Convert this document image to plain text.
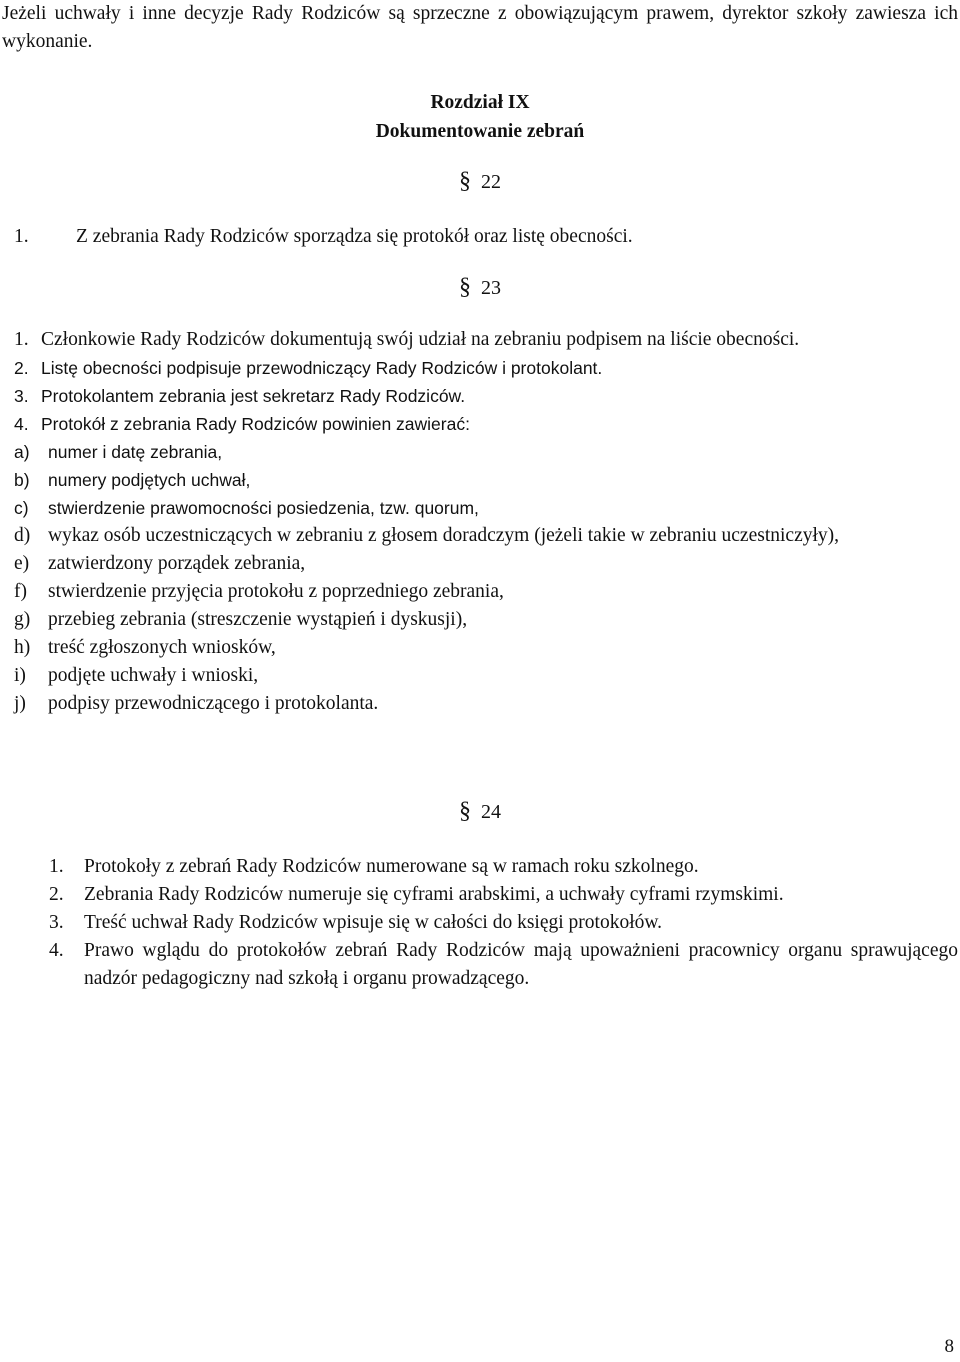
Jeżeli uchwały i inne decyzje Rady Rodziców są sprzeczne z obowiązującym prawem, dyrektor szkoły zawiesza ich wykonanie.

Rozdział IX
Dokumentowanie zebrań
§ 22
1.	Z zebrania Rady Rodziców sporządza się protokół oraz listę obecności.
§ 23
1. Członkowie Rady Rodziców dokumentują swój udział na zebraniu podpisem na liście obecności.
2. Listę obecności podpisuje przewodniczący Rady Rodziców i protokolant.
3. Protokolantem zebrania jest sekretarz Rady Rodziców.
4. Protokół z zebrania Rady Rodziców powinien zawierać:
a)	numer i datę zebrania,
b)	numery podjętych uchwał,
c)	stwierdzenie prawomocności posiedzenia, tzw. quorum,
d) wykaz osób uczestniczących w zebraniu z głosem doradczym (jeżeli takie w zebraniu uczestniczyły),
e) zatwierdzony porządek zebrania,
f)	stwierdzenie przyjęcia protokołu z poprzedniego zebrania,
g) przebieg zebrania (streszczenie wystąpień i dyskusji),
h) treść zgłoszonych wniosków,
i)	podjęte uchwały i wnioski,
j)	podpisy przewodniczącego i protokolanta.
§ 24
1.	Protokoły z zebrań Rady Rodziców numerowane są w ramach roku szkolnego.
2.	Zebrania Rady Rodziców numeruje się cyframi arabskimi, a uchwały cyframi rzymskimi.
3.	Treść uchwał Rady Rodziców wpisuje się w całości do księgi protokołów.
4.	Prawo wglądu do protokołów zebrań Rady Rodziców mają upoważnieni pracownicy organu sprawującego nadzór pedagogiczny nad szkołą i organu prowadzącego.
8
